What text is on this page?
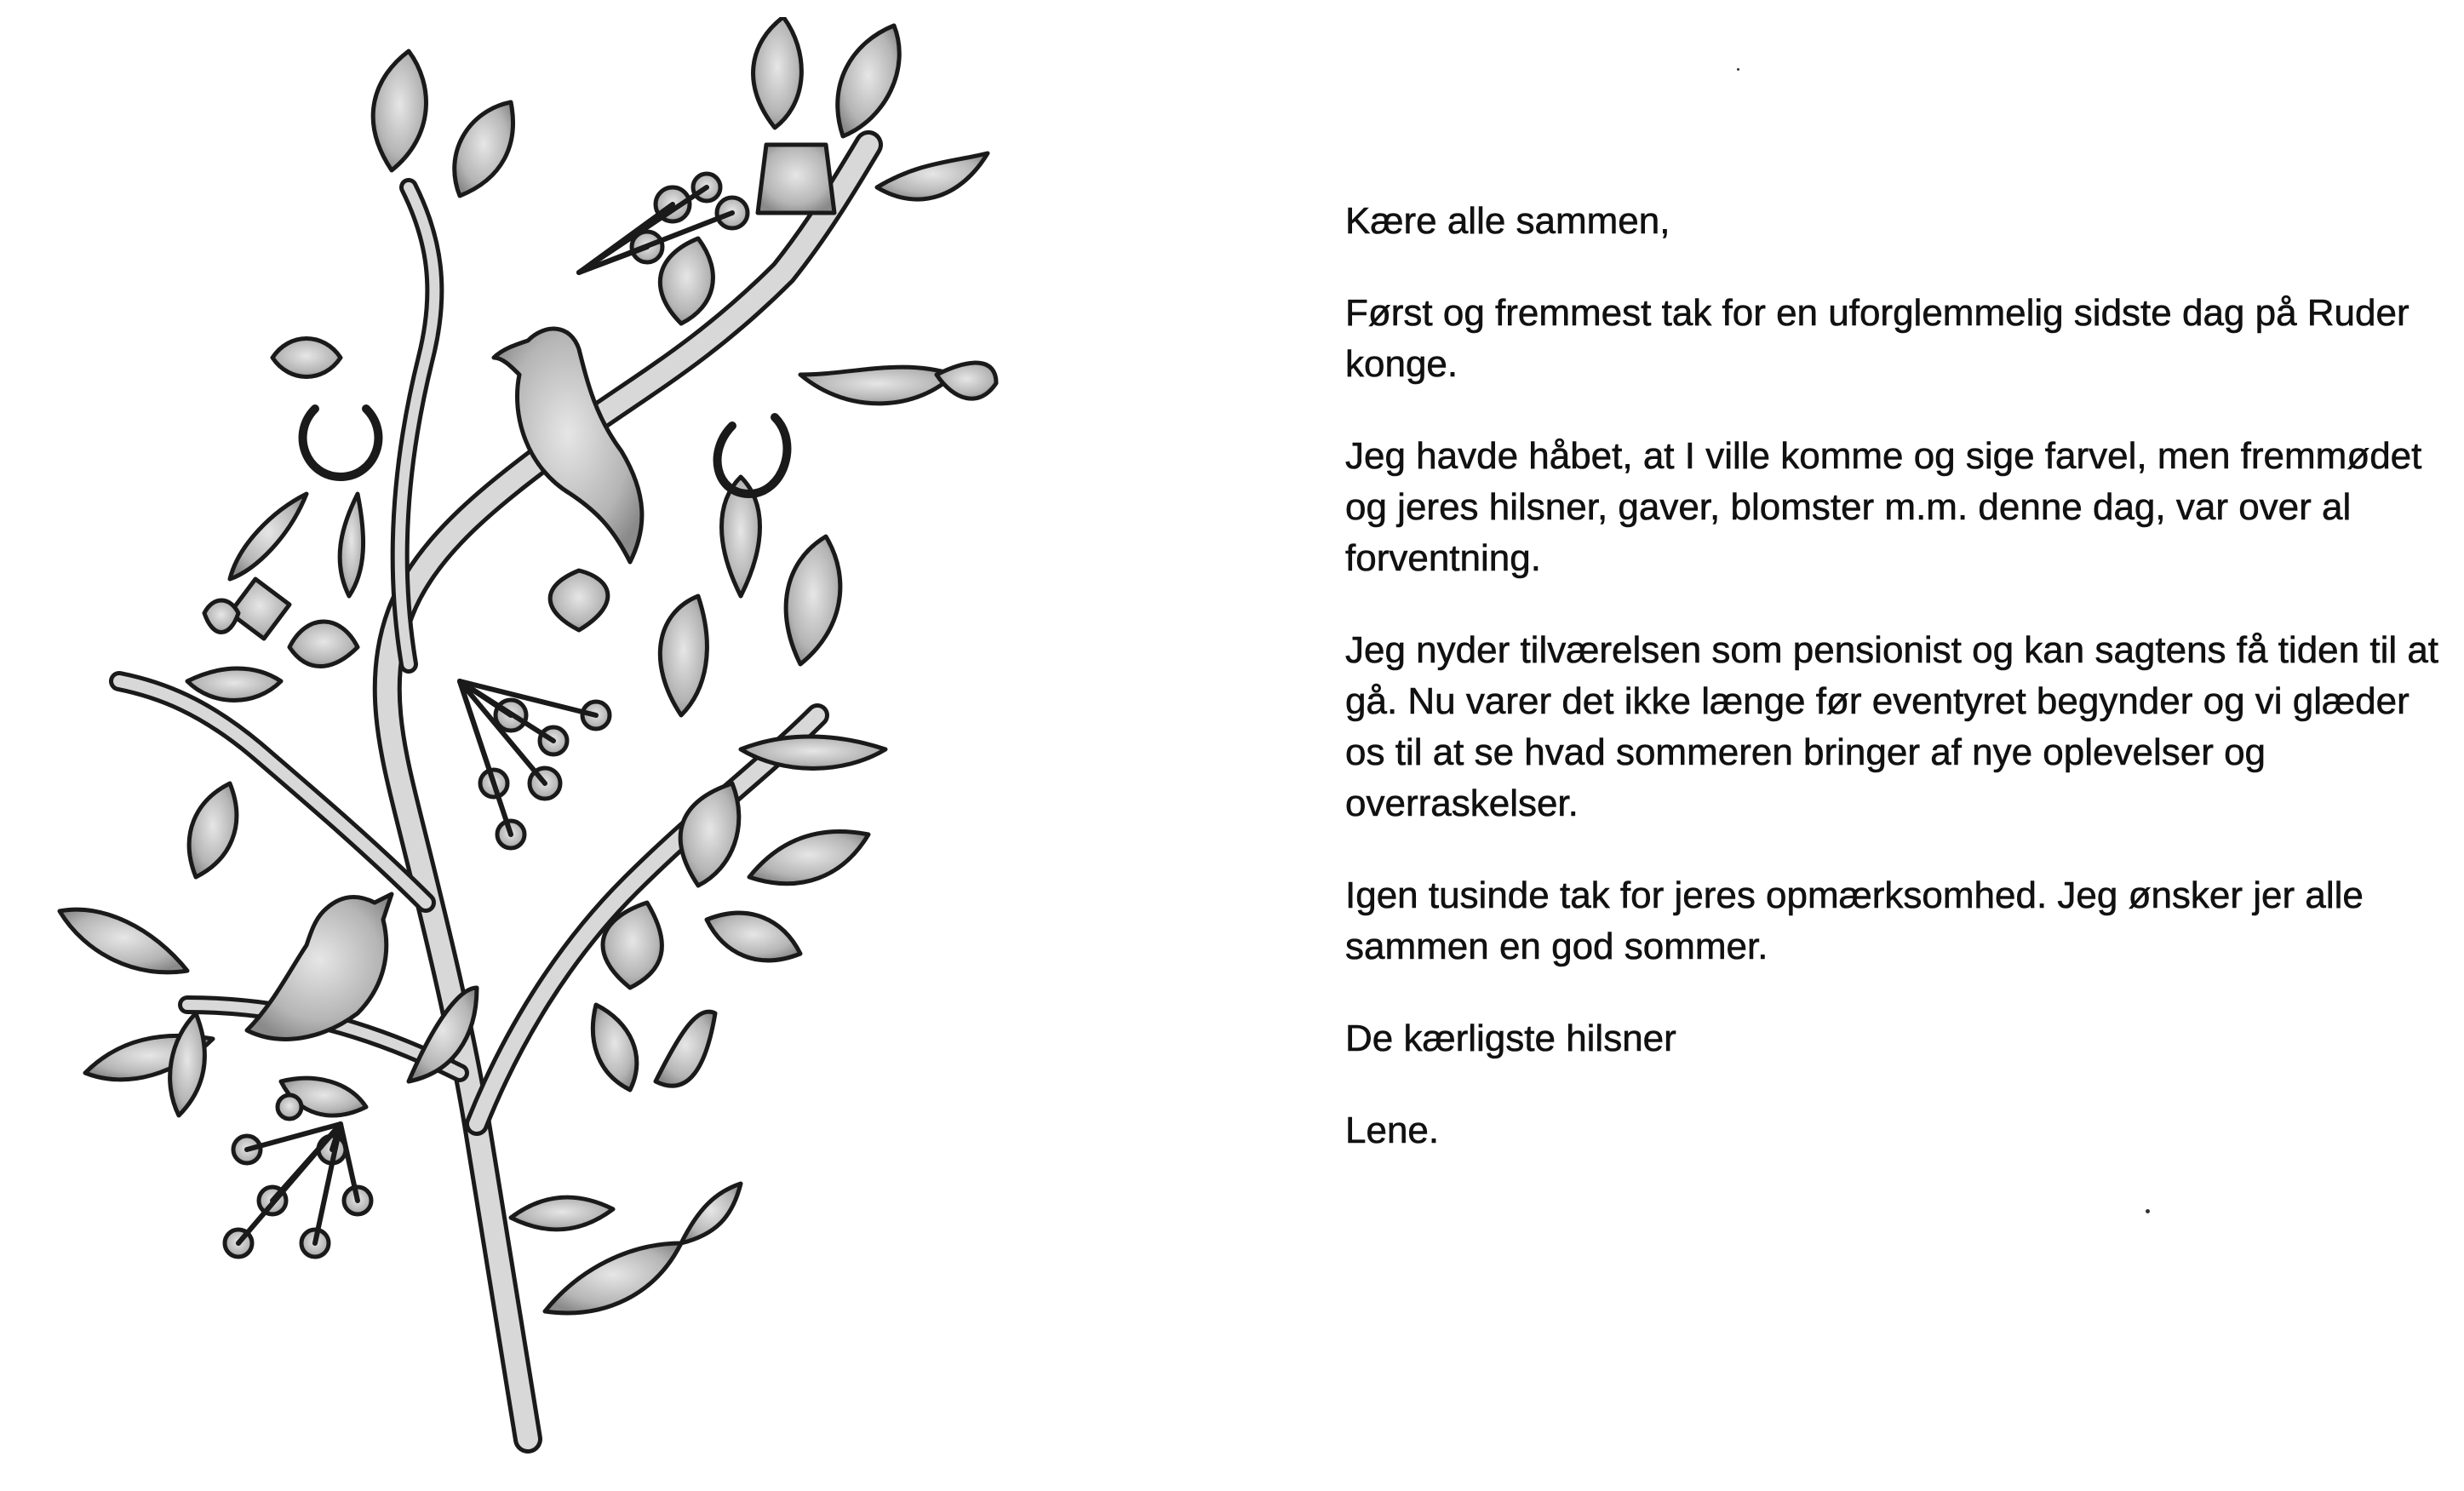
Kære alle sammen,

Først og fremmest tak for en uforglemmelig sidste dag på Ruder konge.

Jeg havde håbet, at I ville komme og sige farvel, men fremmødet og jeres hilsner, gaver, blomster m.m. denne dag, var over al forventning.

Jeg nyder tilværelsen som pensionist og kan sagtens få tiden til at gå. Nu varer det ikke længe før eventyret begynder og vi glæder os til at se hvad sommeren bringer af nye oplevelser og overraskelser.

Igen tusinde tak for jeres opmærksomhed. Jeg ønsker jer alle sammen en god sommer.

De kærligste hilsner

Lene.
